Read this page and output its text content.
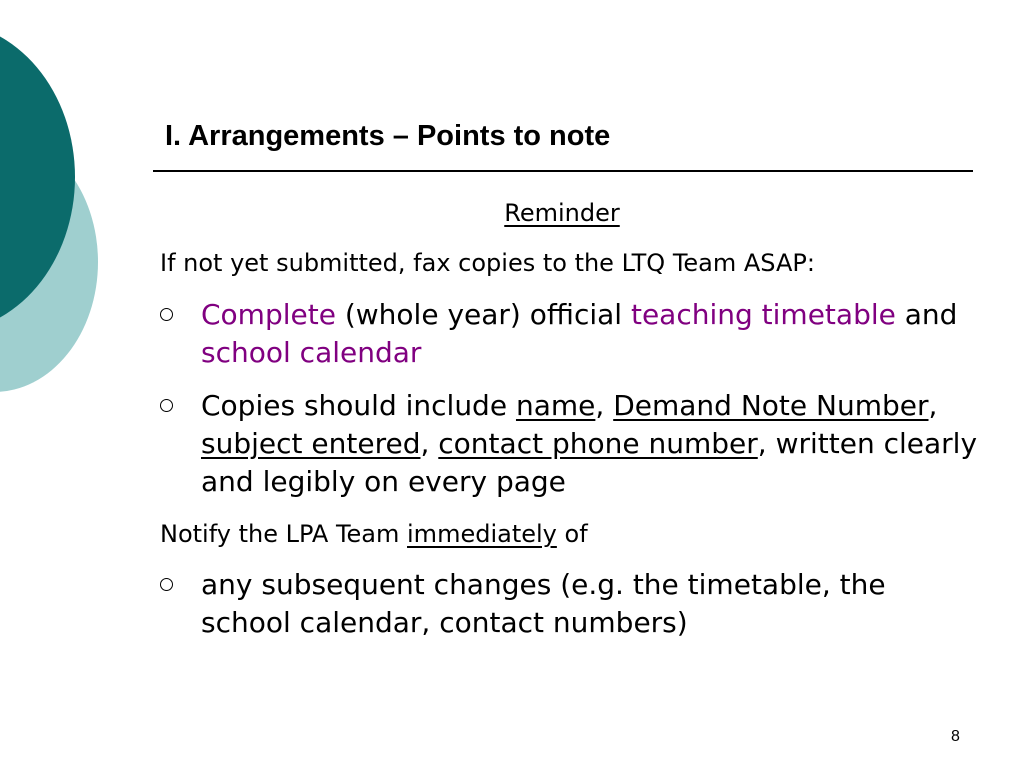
I. Arrangements – Points to note
Reminder
If not yet submitted, fax copies to the LTQ Team ASAP:
Complete (whole year) official teaching timetable and school calendar
Copies should include name, Demand Note Number, subject entered, contact phone number, written clearly and legibly on every page
Notify the LPA Team immediately of
any subsequent changes (e.g. the timetable, the school calendar, contact numbers)
8
